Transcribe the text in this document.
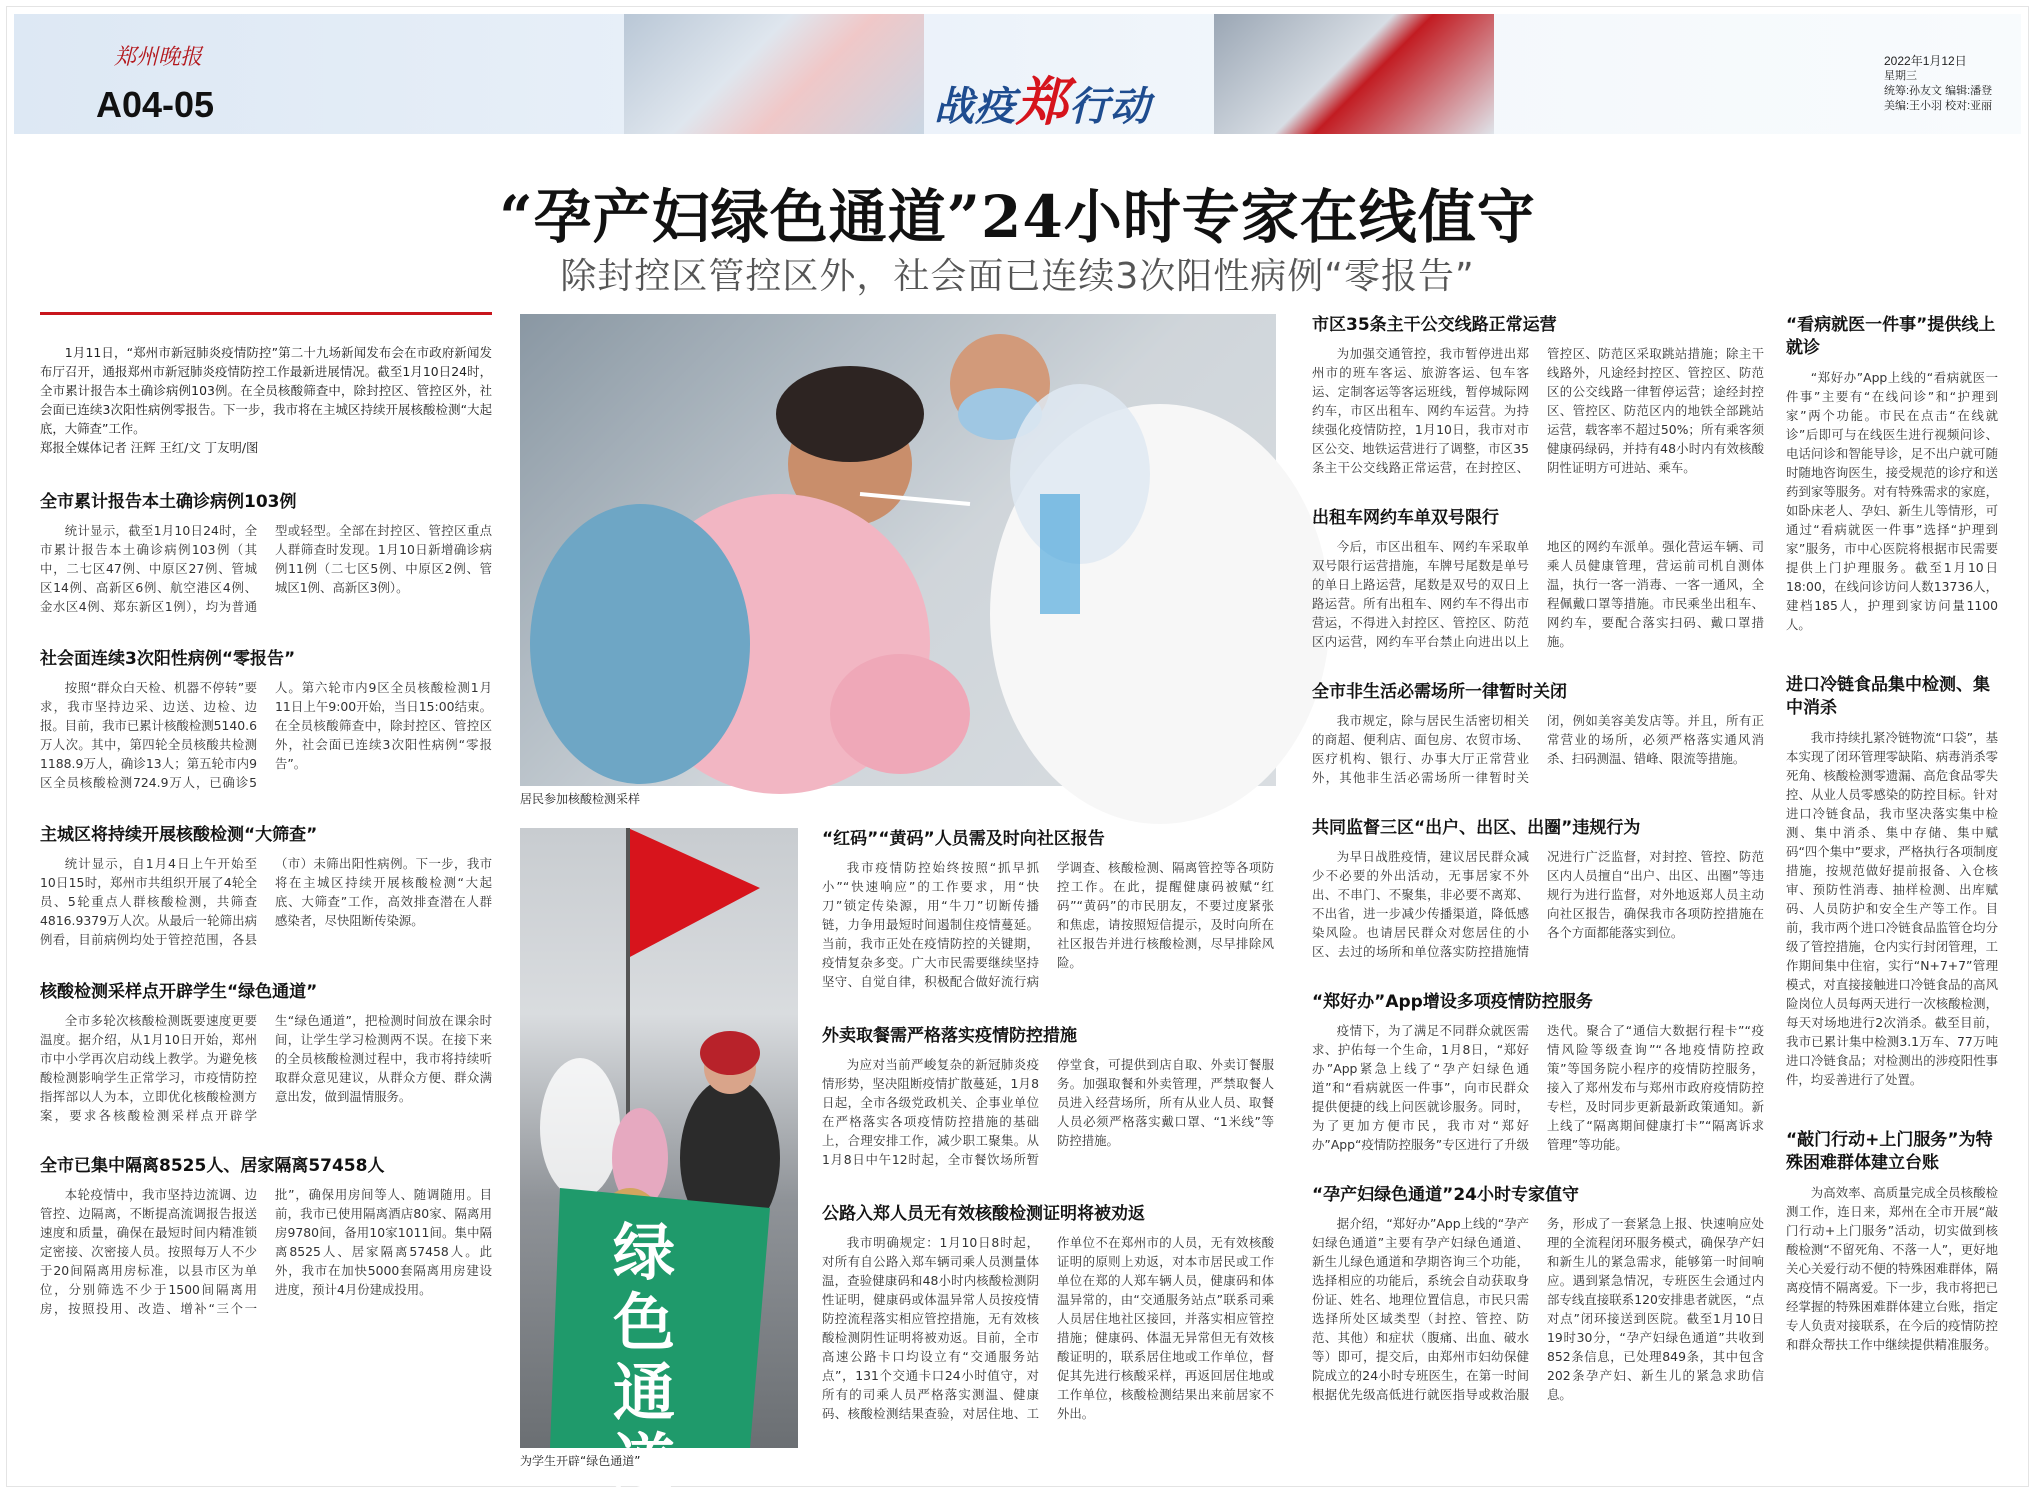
郑州晚报
A04-05	战疫郑行动
2022年1月12日
星期三
统筹:孙友文 编辑:潘登
美编:王小羽 校对:亚丽
“孕产妇绿色通道”24小时专家在线值守
除封控区管控区外，社会面已连续3次阳性病例“零报告”
1月11日，“郑州市新冠肺炎疫情防控”第二十九场新闻发布会在市政府新闻发布厅召开，通报郑州市新冠肺炎疫情防控工作最新进展情况。截至1月10日24时，全市累计报告本土确诊病例103例。在全员核酸筛查中，除封控区、管控区外，社会面已连续3次阳性病例零报告。下一步，我市将在主城区持续开展核酸检测“大起底，大筛查”工作。
郑报全媒体记者 汪辉 王红/文 丁友明/图
全市累计报告本土确诊病例103例

统计显示，截至1月10日24时，全市累计报告本土确诊病例103例（其中，二七区47例、中原区27例、管城区14例、高新区6例、航空港区4例、金水区4例、郑东新区1例），均为普通型或轻型。全部在封控区、管控区重点人群筛查时发现。1月10日新增确诊病例11例（二七区5例、中原区2例、管城区1例、高新区3例）。

社会面连续3次阳性病例“零报告”

按照“群众白天检、机器不停转”要求，我市坚持边采、边送、边检、边报。目前，我市已累计核酸检测5140.6万人次。其中，第四轮全员核酸共检测1188.9万人，确诊13人；第五轮市内9区全员核酸检测724.9万人，已确诊5人。第六轮市内9区全员核酸检测1月11日上午9:00开始，当日15:00结束。在全员核酸筛查中，除封控区、管控区外，社会面已连续3次阳性病例“零报告”。

主城区将持续开展核酸检测“大筛查”

统计显示，自1月4日上午开始至10日15时，郑州市共组织开展了4轮全员、5轮重点人群核酸检测，共筛查4816.9379万人次。从最后一轮筛出病例看，目前病例均处于管控范围，各县（市）未筛出阳性病例。下一步，我市将在主城区持续开展核酸检测“大起底、大筛查”工作，高效排查潜在人群感染者，尽快阻断传染源。

核酸检测采样点开辟学生“绿色通道”

全市多轮次核酸检测既要速度更要温度。据介绍，从1月10日开始，郑州市中小学再次启动线上教学。为避免核酸检测影响学生正常学习，市疫情防控指挥部以人为本，立即优化核酸检测方案，要求各核酸检测采样点开辟学生“绿色通道”，把检测时间放在课余时间，让学生学习检测两不误。在接下来的全员核酸检测过程中，我市将持续听取群众意见建议，从群众方便、群众满意出发，做到温情服务。

全市已集中隔离8525人、居家隔离57458人

本轮疫情中，我市坚持边流调、边管控、边隔离，不断提高流调报告报送速度和质量，确保在最短时间内精准锁定密接、次密接人员。按照每万人不少于20间隔离用房标准，以县市区为单位，分别筛选不少于1500间隔离用房，按照投用、改造、增补“三个一批”，确保用房间等人、随调随用。目前，我市已使用隔离酒店80家、隔离用房9780间，备用10家1011间。集中隔离8525人、居家隔离57458人。此外，我市在加快5000套隔离用房建设进度，预计4月份建成投用。

居民参加核酸检测采样
绿色通道
为学生开辟“绿色通道”
“红码”“黄码”人员需及时向社区报告

我市疫情防控始终按照“抓早抓小”“快速响应”的工作要求，用“快刀”锁定传染源，用“牛刀”切断传播链，力争用最短时间遏制住疫情蔓延。当前，我市正处在疫情防控的关键期，疫情复杂多变。广大市民需要继续坚持坚守、自觉自律，积极配合做好流行病学调查、核酸检测、隔离管控等各项防控工作。在此，提醒健康码被赋“红码”“黄码”的市民朋友，不要过度紧张和焦虑，请按照短信提示，及时向所在社区报告并进行核酸检测，尽早排除风险。

外卖取餐需严格落实疫情防控措施

为应对当前严峻复杂的新冠肺炎疫情形势，坚决阻断疫情扩散蔓延，1月8日起，全市各级党政机关、企事业单位在严格落实各项疫情防控措施的基础上，合理安排工作，减少职工聚集。从1月8日中午12时起，全市餐饮场所暂停堂食，可提供到店自取、外卖订餐服务。加强取餐和外卖管理，严禁取餐人员进入经营场所，所有从业人员、取餐人员必须严格落实戴口罩、“1米线”等防控措施。

公路入郑人员无有效核酸检测证明将被劝返

我市明确规定：1月10日8时起，对所有自公路入郑车辆司乘人员测量体温，查验健康码和48小时内核酸检测阴性证明，健康码或体温异常人员按疫情防控流程落实相应管控措施，无有效核酸检测阴性证明将被劝返。目前，全市高速公路卡口均设立有“交通服务站点”，131个交通卡口24小时值守，对所有的司乘人员严格落实测温、健康码、核酸检测结果查验，对居住地、工作单位不在郑州市的人员，无有效核酸证明的原则上劝返，对本市居民或工作单位在郑的人郑车辆人员，健康码和体温异常的，由“交通服务站点”联系司乘人员居住地社区接回，并落实相应管控措施；健康码、体温无异常但无有效核酸证明的，联系居住地或工作单位，督促其先进行核酸采样，再返回居住地或工作单位，核酸检测结果出来前居家不外出。

市区35条主干公交线路正常运营

为加强交通管控，我市暂停进出郑州市的班车客运、旅游客运、包车客运、定制客运等客运班线，暂停城际网约车，市区出租车、网约车运营。为持续强化疫情防控，1月10日，我市对市区公交、地铁运营进行了调整，市区35条主干公交线路正常运营，在封控区、管控区、防范区采取跳站措施；除主干线路外，凡途经封控区、管控区、防范区的公交线路一律暂停运营；途经封控区、管控区、防范区内的地铁全部跳站运营，载客率不超过50%；所有乘客须健康码绿码，并持有48小时内有效核酸阴性证明方可进站、乘车。

出租车网约车单双号限行

今后，市区出租车、网约车采取单双号限行运营措施，车牌号尾数是单号的单日上路运营，尾数是双号的双日上路运营。所有出租车、网约车不得出市营运，不得进入封控区、管控区、防范区内运营，网约车平台禁止向进出以上地区的网约车派单。强化营运车辆、司乘人员健康管理，营运前司机自测体温，执行一客一消毒、一客一通风，全程佩戴口罩等措施。市民乘坐出租车、网约车，要配合落实扫码、戴口罩措施。

全市非生活必需场所一律暂时关闭

我市规定，除与居民生活密切相关的商超、便利店、面包房、农贸市场、医疗机构、银行、办事大厅正常营业外，其他非生活必需场所一律暂时关闭，例如美容美发店等。并且，所有正常营业的场所，必须严格落实通风消杀、扫码测温、错峰、限流等措施。

共同监督三区“出户、出区、出圈”违规行为

为早日战胜疫情，建议居民群众减少不必要的外出活动，无事居家不外出、不串门、不聚集，非必要不离郑、不出省，进一步减少传播渠道，降低感染风险。也请居民群众对您居住的小区、去过的场所和单位落实防控措施情况进行广泛监督，对封控、管控、防范区内人员擅自“出户、出区、出圈”等违规行为进行监督，对外地返郑人员主动向社区报告，确保我市各项防控措施在各个方面都能落实到位。

“郑好办”App增设多项疫情防控服务

疫情下，为了满足不同群众就医需求、护佑每一个生命，1月8日，“郑好办”App紧急上线了“孕产妇绿色通道”和“看病就医一件事”，向市民群众提供便捷的线上问医就诊服务。同时，为了更加方便市民，我市对“郑好办”App“疫情防控服务”专区进行了升级迭代。聚合了“通信大数据行程卡”“疫情风险等级查询”“各地疫情防控政策”等国务院小程序的疫情防控服务，接入了郑州发布与郑州市政府疫情防控专栏，及时同步更新最新政策通知。新上线了“隔离期间健康打卡”“隔离诉求管理”等功能。

“孕产妇绿色通道”24小时专家值守

据介绍，“郑好办”App上线的“孕产妇绿色通道”主要有孕产妇绿色通道、新生儿绿色通道和孕期咨询三个功能，选择相应的功能后，系统会自动获取身份证、姓名、地理位置信息，市民只需选择所处区域类型（封控、管控、防范、其他）和症状（腹痛、出血、破水等）即可，提交后，由郑州市妇幼保健院成立的24小时专班医生，在第一时间根据优先级高低进行就医指导或救治服务，形成了一套紧急上报、快速响应处理的全流程闭环服务模式，确保孕产妇和新生儿的紧急需求，能够第一时间响应。遇到紧急情况，专班医生会通过内部专线直接联系120安排患者就医，“点对点”闭环接送到医院。截至1月10日19时30分，“孕产妇绿色通道”共收到852条信息，已处理849条，其中包含202条孕产妇、新生儿的紧急求助信息。

“看病就医一件事”提供线上就诊

“郑好办”App上线的“看病就医一件事”主要有“在线问诊”和“护理到家”两个功能。市民在点击“在线就诊”后即可与在线医生进行视频问诊、电话问诊和智能导诊，足不出户就可随时随地咨询医生，接受规范的诊疗和送药到家等服务。对有特殊需求的家庭，如卧床老人、孕妇、新生儿等情形，可通过“看病就医一件事”选择“护理到家”服务，市中心医院将根据市民需要提供上门护理服务。截至1月10日18:00，在线问诊访问人数13736人，建档185人，护理到家访问量1100人。

进口冷链食品集中检测、集中消杀

我市持续扎紧冷链物流“口袋”，基本实现了闭环管理零缺陷、病毒消杀零死角、核酸检测零遗漏、高危食品零失控、从业人员零感染的防控目标。针对进口冷链食品，我市坚决落实集中检测、集中消杀、集中存储、集中赋码“四个集中”要求，严格执行各项制度措施，按规范做好提前报备、入仓核审、预防性消毒、抽样检测、出库赋码、人员防护和安全生产等工作。目前，我市两个进口冷链食品监管仓均分级了管控措施，仓内实行封闭管理，工作期间集中住宿，实行“N+7+7”管理模式，对直接接触进口冷链食品的高风险岗位人员每两天进行一次核酸检测，每天对场地进行2次消杀。截至目前，我市已累计集中检测3.1万车、77万吨进口冷链食品；对检测出的涉疫阳性事件，均妥善进行了处置。

“敲门行动+上门服务”为特殊困难群体建立台账

为高效率、高质量完成全员核酸检测工作，连日来，郑州在全市开展“敲门行动+上门服务”活动，切实做到核酸检测“不留死角、不落一人”，更好地关心关爱行动不便的特殊困难群体，隔离疫情不隔离爱。下一步，我市将把已经掌握的特殊困难群体建立台账，指定专人负责对接联系，在今后的疫情防控和群众帮扶工作中继续提供精准服务。
